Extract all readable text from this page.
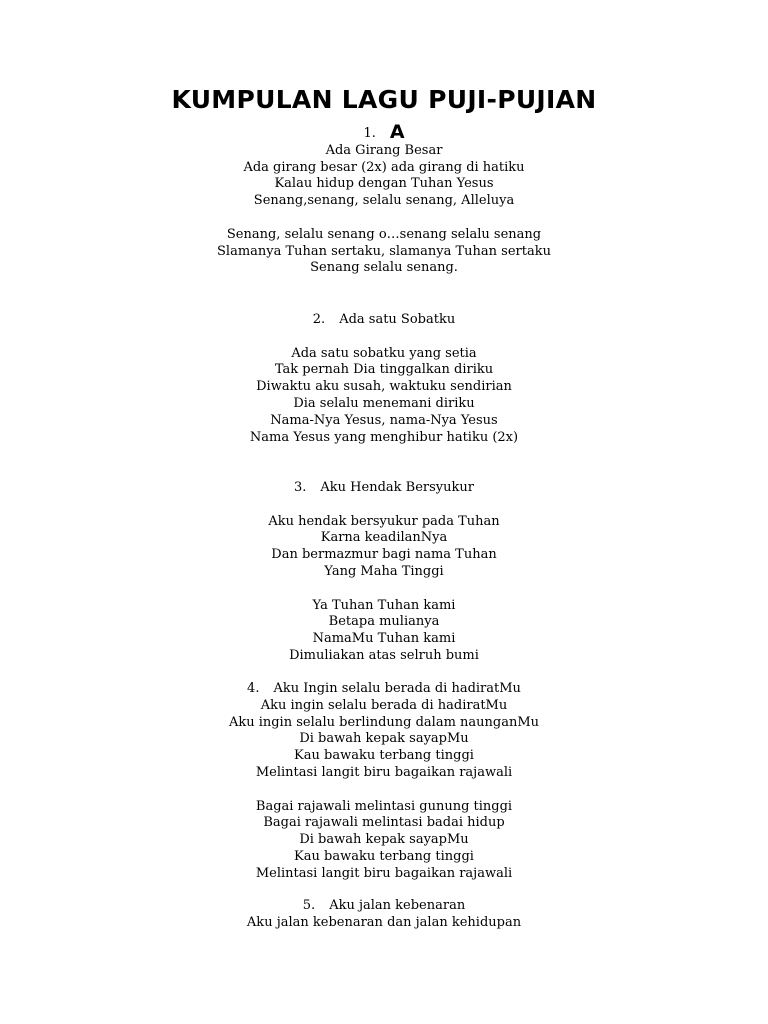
KUMPULAN LAGU PUJI-PUJIAN
1. A
Ada Girang Besar
Ada girang besar (2x) ada girang di hatiku
Kalau hidup dengan Tuhan Yesus
Senang,senang, selalu senang, Alleluya
Senang, selalu senang o…senang selalu senang
Slamanya Tuhan sertaku, slamanya Tuhan sertaku
Senang selalu senang.
2. Ada satu Sobatku
Ada satu sobatku yang setia
Tak pernah Dia tinggalkan diriku
Diwaktu aku susah, waktuku sendirian
Dia selalu menemani diriku
Nama-Nya Yesus, nama-Nya Yesus
Nama Yesus yang menghibur hatiku (2x)
3. Aku Hendak Bersyukur
Aku hendak bersyukur pada Tuhan
Karna keadilanNya
Dan bermazmur bagi nama Tuhan
Yang Maha Tinggi
Ya Tuhan Tuhan kami
Betapa mulianya
NamaMu Tuhan kami
Dimuliakan atas selruh bumi
4. Aku Ingin selalu berada di hadiratMu
Aku ingin selalu berada di hadiratMu
Aku ingin selalu berlindung dalam naunganMu
Di bawah kepak sayapMu
Kau bawaku terbang tinggi
Melintasi langit biru bagaikan rajawali
Bagai rajawali melintasi gunung tinggi
Bagai rajawali melintasi badai hidup
Di bawah kepak sayapMu
Kau bawaku terbang tinggi
Melintasi langit biru bagaikan rajawali
5. Aku jalan kebenaran
Aku jalan kebenaran dan jalan kehidupan
